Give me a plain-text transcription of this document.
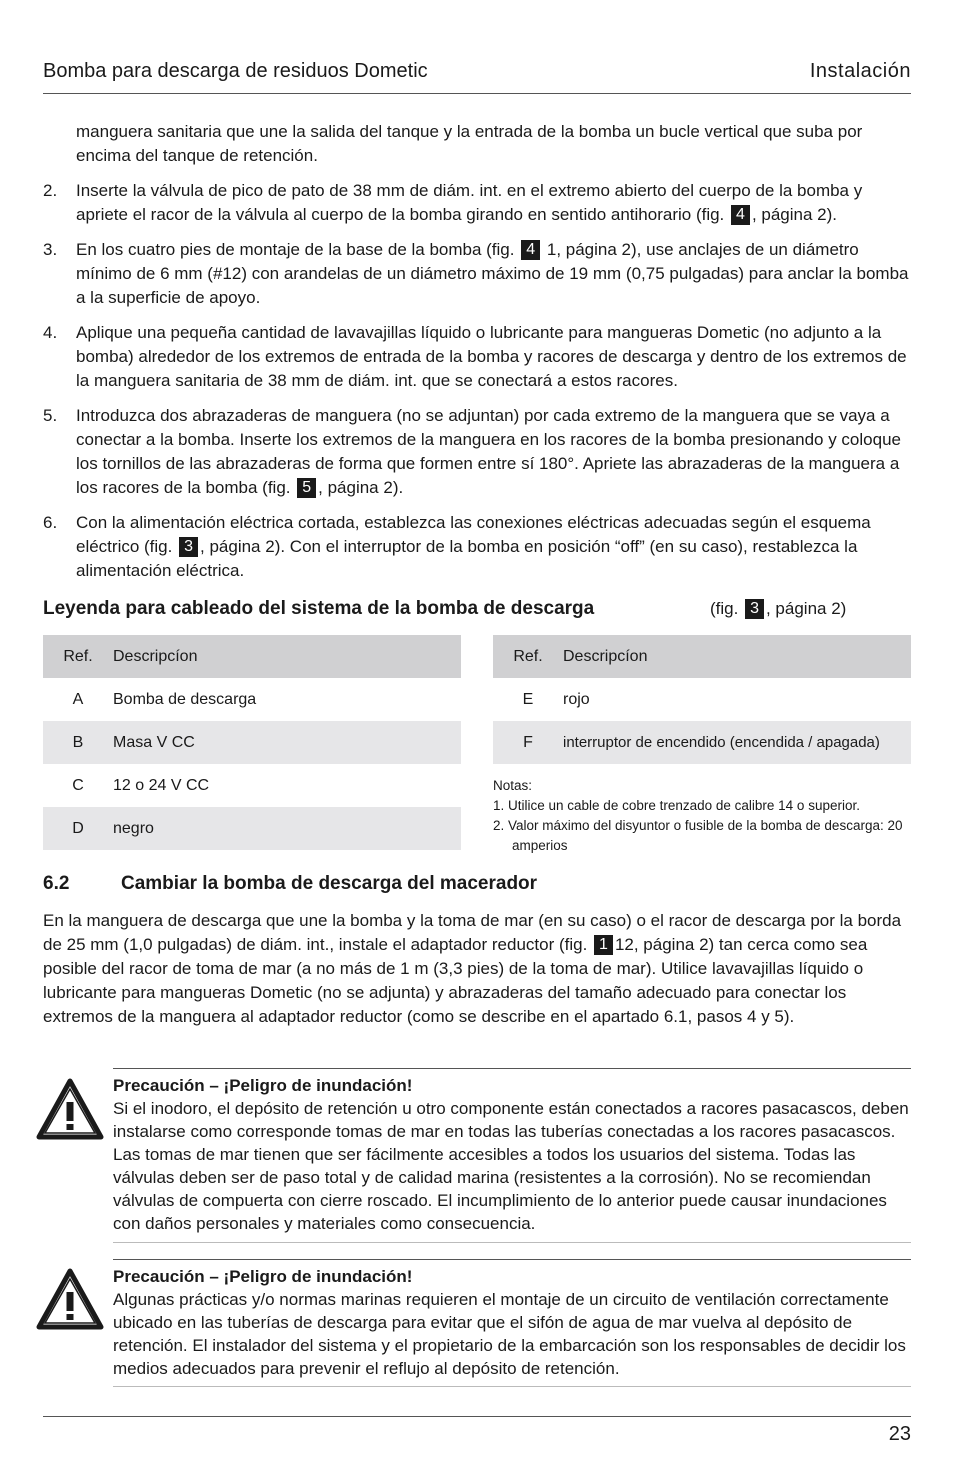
Bomba para descarga de residuos Dometic	Instalación
manguera sanitaria que une la salida del tanque y la entrada de la bomba un bucle vertical que suba por encima del tanque de retención.
2. Inserte la válvula de pico de pato de 38 mm de diám. int. en el extremo abierto del cuerpo de la bomba y apriete el racor de la válvula al cuerpo de la bomba girando en sentido antihorario (fig. 4 , página 2).
3. En los cuatro pies de montaje de la base de la bomba (fig. 4 1, página 2), use anclajes de un diámetro mínimo de 6 mm (#12) con arandelas de un diámetro máximo de 19 mm (0,75 pulgadas) para anclar la bomba a la superficie de apoyo.
4. Aplique una pequeña cantidad de lavavajillas líquido o lubricante para mangueras Dometic (no adjunto a la bomba) alrededor de los extremos de entrada de la bomba y racores de descarga y dentro de los extremos de la manguera sanitaria de 38 mm de diám. int. que se conectará a estos racores.
5. Introduzca dos abrazaderas de manguera (no se adjuntan) por cada extremo de la manguera que se vaya a conectar a la bomba. Inserte los extremos de la manguera en los racores de la bomba presionando y coloque los tornillos de las abrazaderas de forma que formen entre sí 180°. Apriete las abrazaderas de la manguera a los racores de la bomba (fig. 5 , página 2).
6. Con la alimentación eléctrica cortada, establezca las conexiones eléctricas adecuadas según el esquema eléctrico (fig. 3 , página 2). Con el interruptor de la bomba en posición “off” (en su caso), restablezca la alimentación eléctrica.
Leyenda para cableado del sistema de la bomba de descarga	(fig. 3 , página 2)
Ref.	Descripcíon
A	Bomba de descarga
B	Masa V CC
C	12 o 24 V CC
D	negro
Ref.	Descripcíon
E	rojo
F	interruptor de encendido (encendida / apagada)
Notas:
1. Utilice un cable de cobre trenzado de calibre 14 o superior.
2. Valor máximo del disyuntor o fusible de la bomba de descarga: 20 amperios
6.2	Cambiar la bomba de descarga del macerador
En la manguera de descarga que une la bomba y la toma de mar (en su caso) o el racor de descarga por la borda de 25 mm (1,0 pulgadas) de diám. int., instale el adaptador reductor (fig. 1 12, página 2) tan cerca como sea posible del racor de toma de mar (a no más de 1 m (3,3 pies) de la toma de mar). Utilice lavavajillas líquido o lubricante para mangueras Dometic (no se adjunta) y abrazaderas del tamaño adecuado para conectar los extremos de la manguera al adaptador reductor (como se describe en el apartado 6.1, pasos 4 y 5).
Precaución – ¡Peligro de inundación!
Si el inodoro, el depósito de retención u otro componente están conectados a racores pasacascos, deben instalarse como corresponde tomas de mar en todas las tuberías conectadas a los racores pasacascos. Las tomas de mar tienen que ser fácilmente accesibles a todos los usuarios del sistema. Todas las válvulas deben ser de paso total y de calidad marina (resistentes a la corrosión). No se recomiendan válvulas de compuerta con cierre roscado. El incumplimiento de lo anterior puede causar inundaciones con daños personales y materiales como consecuencia.
Precaución – ¡Peligro de inundación!
Algunas prácticas y/o normas marinas requieren el montaje de un circuito de ventilación correctamente ubicado en las tuberías de descarga para evitar que el sifón de agua de mar vuelva al depósito de retención. El instalador del sistema y el propietario de la embarcación son los responsables de decidir los medios adecuados para prevenir el reflujo al depósito de retención.
23
